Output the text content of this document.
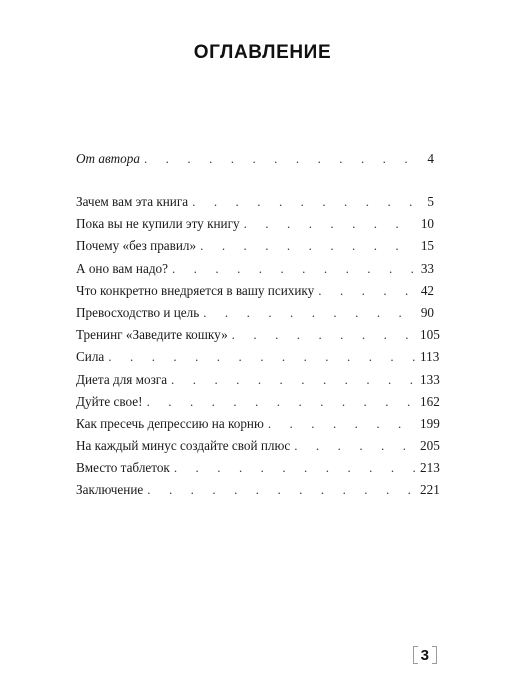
ОГЛАВЛЕНИЕ
От автора . . .	4
Зачем вам эта книга . . .	5
Пока вы не купили эту книгу . . .	10
Почему «без правил» . . .	15
А оно вам надо? . . .	33
Что конкретно внедряется в вашу психику . . .	42
Превосходство и цель . . .	90
Тренинг «Заведите кошку» . . .	105
Сила . . .	113
Диета для мозга . . .	133
Дуйте свое! . . .	162
Как пресечь депрессию на корню . . .	199
На каждый минус создайте свой плюс . . .	205
Вместо таблеток . . .	213
Заключение . . .	221
3
